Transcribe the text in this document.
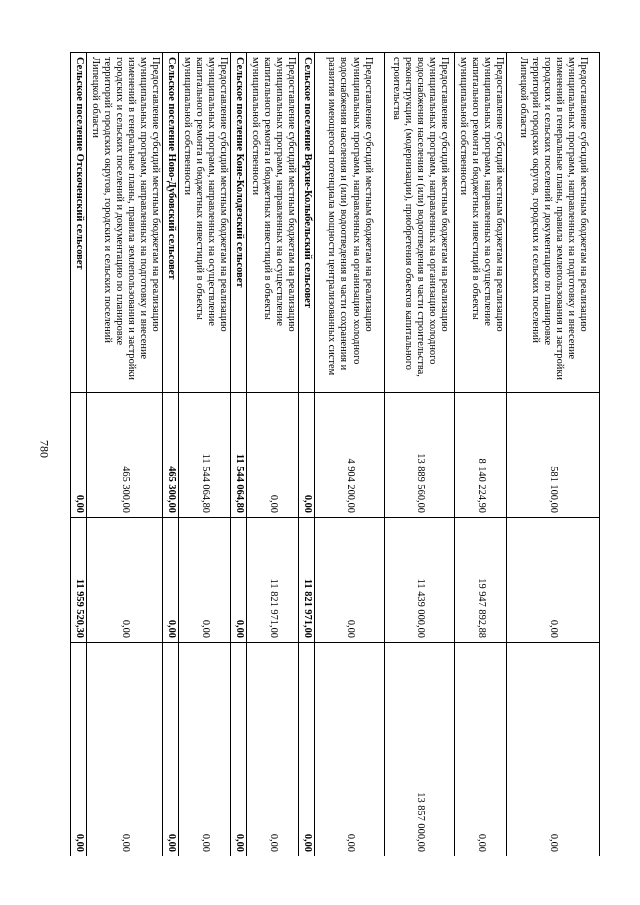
780
Предоставление субсидий местным бюджетам на реализацию муниципальных программ, направленных на подготовку и внесение изменений в генеральные планы, правила землепользования и застройки городских и сельских поселений и документацию по планировке территорий городских округов, городских и сельских поселений Липецкой области	581 100,00	0,00	0,00
Предоставление субсидий местным бюджетам на реализацию муниципальных программ, направленных на осуществление капитального ремонта и бюджетных инвестиций в объекты муниципальной собственности	8 140 224,90	19 947 892,88	0,00
Предоставление субсидий местным бюджетам на реализацию муниципальных программ, направленных на организацию холодного водоснабжения населения и (или) водоотведения в части строительства, реконструкции, (модернизации), приобретения объектов капитального строительства	13 889 560,00	11 439 000,00	13 857 000,00
Предоставление субсидий местным бюджетам на реализацию муниципальных программ, направленных на организацию холодного водоснабжения населения и (или) водоотведения в части сохранения и развития имеющегося потенциала мощности централизованных систем	4 904 200,00	0,00	0,00
Сельское поселение Верхне-Колыбельский сельсовет	0,00	11 821 971,00	0,00
Предоставление субсидий местным бюджетам на реализацию муниципальных программ, направленных на осуществление капитального ремонта и бюджетных инвестиций в объекты муниципальной собственности	0,00	11 821 971,00	0,00
Сельское поселение Коне-Колодезский сельсовет	11 544 064,80	0,00	0,00
Предоставление субсидий местным бюджетам на реализацию муниципальных программ, направленных на осуществление капитального ремонта и бюджетных инвестиций в объекты муниципальной собственности	11 544 064,80	0,00	0,00
Сельское поселение Ново-Дубовский сельсовет	465 300,00	0,00	0,00
Предоставление субсидий местным бюджетам на реализацию муниципальных программ, направленных на подготовку и внесение изменений в генеральные планы, правила землепользования и застройки городских и сельских поселений и документацию по планировке территорий городских округов, городских и сельских поселений Липецкой области	465 300,00	0,00	0,00
Сельское поселение Отскоченский сельсовет	0,00	11 959 520,30	0,00
